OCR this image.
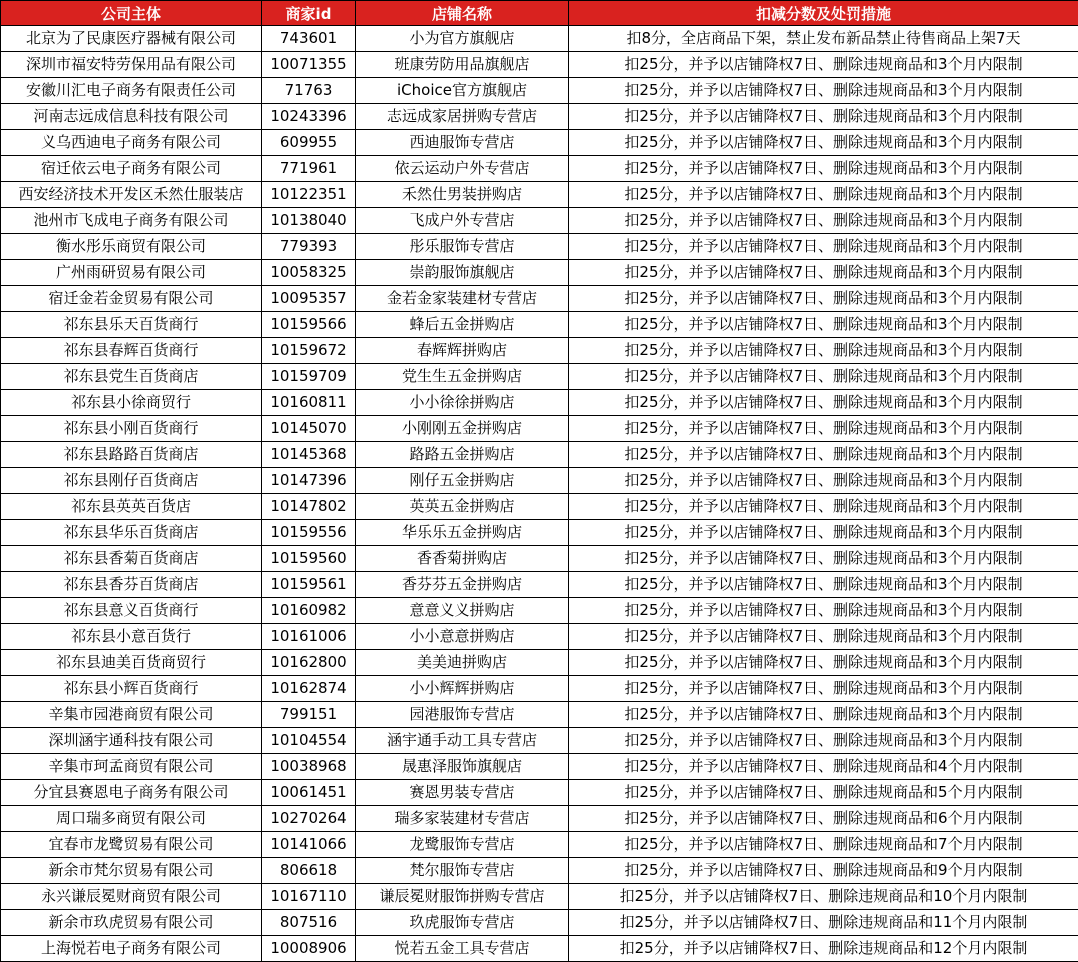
公司主体	商家id	店铺名称	扣减分数及处罚措施
北京为了民康医疗器械有限公司	743601	小为官方旗舰店	扣8分，全店商品下架，禁止发布新品禁止待售商品上架7天
深圳市福安特劳保用品有限公司	10071355	班康劳防用品旗舰店	扣25分，并予以店铺降权7日、删除违规商品和3个月内限制
安徽川汇电子商务有限责任公司	71763	iChoice官方旗舰店	扣25分，并予以店铺降权7日、删除违规商品和3个月内限制
河南志远成信息科技有限公司	10243396	志远成家居拼购专营店	扣25分，并予以店铺降权7日、删除违规商品和3个月内限制
义乌西迪电子商务有限公司	609955	西迪服饰专营店	扣25分，并予以店铺降权7日、删除违规商品和3个月内限制
宿迁依云电子商务有限公司	771961	依云运动户外专营店	扣25分，并予以店铺降权7日、删除违规商品和3个月内限制
西安经济技术开发区禾然仕服装店	10122351	禾然仕男装拼购店	扣25分，并予以店铺降权7日、删除违规商品和3个月内限制
池州市飞成电子商务有限公司	10138040	飞成户外专营店	扣25分，并予以店铺降权7日、删除违规商品和3个月内限制
衡水彤乐商贸有限公司	779393	彤乐服饰专营店	扣25分，并予以店铺降权7日、删除违规商品和3个月内限制
广州雨研贸易有限公司	10058325	崇韵服饰旗舰店	扣25分，并予以店铺降权7日、删除违规商品和3个月内限制
宿迁金若金贸易有限公司	10095357	金若金家装建材专营店	扣25分，并予以店铺降权7日、删除违规商品和3个月内限制
祁东县乐天百货商行	10159566	蜂后五金拼购店	扣25分，并予以店铺降权7日、删除违规商品和3个月内限制
祁东县春辉百货商行	10159672	春辉辉拼购店	扣25分，并予以店铺降权7日、删除违规商品和3个月内限制
祁东县党生百货商店	10159709	党生生五金拼购店	扣25分，并予以店铺降权7日、删除违规商品和3个月内限制
祁东县小徐商贸行	10160811	小小徐徐拼购店	扣25分，并予以店铺降权7日、删除违规商品和3个月内限制
祁东县小刚百货商行	10145070	小刚刚五金拼购店	扣25分，并予以店铺降权7日、删除违规商品和3个月内限制
祁东县路路百货商店	10145368	路路五金拼购店	扣25分，并予以店铺降权7日、删除违规商品和3个月内限制
祁东县刚仔百货商店	10147396	刚仔五金拼购店	扣25分，并予以店铺降权7日、删除违规商品和3个月内限制
祁东县英英百货店	10147802	英英五金拼购店	扣25分，并予以店铺降权7日、删除违规商品和3个月内限制
祁东县华乐百货商店	10159556	华乐乐五金拼购店	扣25分，并予以店铺降权7日、删除违规商品和3个月内限制
祁东县香菊百货商店	10159560	香香菊拼购店	扣25分，并予以店铺降权7日、删除违规商品和3个月内限制
祁东县香芬百货商店	10159561	香芬芬五金拼购店	扣25分，并予以店铺降权7日、删除违规商品和3个月内限制
祁东县意义百货商行	10160982	意意义义拼购店	扣25分，并予以店铺降权7日、删除违规商品和3个月内限制
祁东县小意百货行	10161006	小小意意拼购店	扣25分，并予以店铺降权7日、删除违规商品和3个月内限制
祁东县迪美百货商贸行	10162800	美美迪拼购店	扣25分，并予以店铺降权7日、删除违规商品和3个月内限制
祁东县小辉百货商行	10162874	小小辉辉拼购店	扣25分，并予以店铺降权7日、删除违规商品和3个月内限制
辛集市园港商贸有限公司	799151	园港服饰专营店	扣25分，并予以店铺降权7日、删除违规商品和3个月内限制
深圳涵宇通科技有限公司	10104554	涵宇通手动工具专营店	扣25分，并予以店铺降权7日、删除违规商品和3个月内限制
辛集市珂孟商贸有限公司	10038968	晟惠泽服饰旗舰店	扣25分，并予以店铺降权7日、删除违规商品和4个月内限制
分宜县赛恩电子商务有限公司	10061451	赛恩男装专营店	扣25分，并予以店铺降权7日、删除违规商品和5个月内限制
周口瑞多商贸有限公司	10270264	瑞多家装建材专营店	扣25分，并予以店铺降权7日、删除违规商品和6个月内限制
宜春市龙鹭贸易有限公司	10141066	龙鹭服饰专营店	扣25分，并予以店铺降权7日、删除违规商品和7个月内限制
新余市梵尔贸易有限公司	806618	梵尔服饰专营店	扣25分，并予以店铺降权7日、删除违规商品和9个月内限制
永兴谦辰冕财商贸有限公司	10167110	谦辰冕财服饰拼购专营店	扣25分，并予以店铺降权7日、删除违规商品和10个月内限制
新余市玖虎贸易有限公司	807516	玖虎服饰专营店	扣25分，并予以店铺降权7日、删除违规商品和11个月内限制
上海悦若电子商务有限公司	10008906	悦若五金工具专营店	扣25分，并予以店铺降权7日、删除违规商品和12个月内限制
